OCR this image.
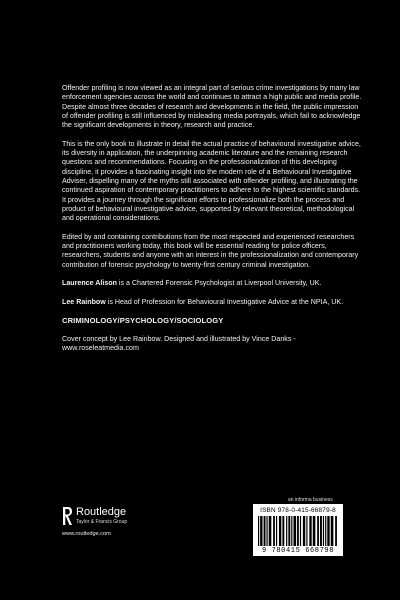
Offender profiling is now viewed as an integral part of serious crime investigations by many law enforcement agencies across the world and continues to attract a high public and media profile. Despite almost three decades of research and developments in the field, the public impression of offender profiling is still influenced by misleading media portrayals, which fail to acknowledge the significant developments in theory, research and practice.

This is the only book to illustrate in detail the actual practice of behavioural investigative advice, its diversity in application, the underpinning academic literature and the remaining research questions and recommendations. Focusing on the professionalization of this developing discipline, it provides a fascinating insight into the modern role of a Behavioural Investigative Adviser, dispelling many of the myths still associated with offender profiling, and illustrating the continued aspiration of contemporary practitioners to adhere to the highest scientific standards. It provides a journey through the significant efforts to professionalize both the process and product of behavioural investigative advice, supported by relevant theoretical, methodological and operational considerations.

Edited by and containing contributions from the most respected and experienced researchers and practitioners working today, this book will be essential reading for police officers, researchers, students and anyone with an interest in the professionalization and contemporary contribution of forensic psychology to twenty-first century criminal investigation.

Laurence Alison is a Chartered Forensic Psychologist at Liverpool University, UK.

Lee Rainbow is Head of Profession for Behavioural Investigative Advice at the NPIA, UK.

CRIMINOLOGY/PSYCHOLOGY/SOCIOLOGY

Cover concept by Lee Rainbow. Designed and illustrated by Vince Danks - www.roseleatmedia.com

an informa business
Routledge
Taylor & Francis Group
www.routledge.com
ISBN 978-0-415-66879-8
9 780415 668798
